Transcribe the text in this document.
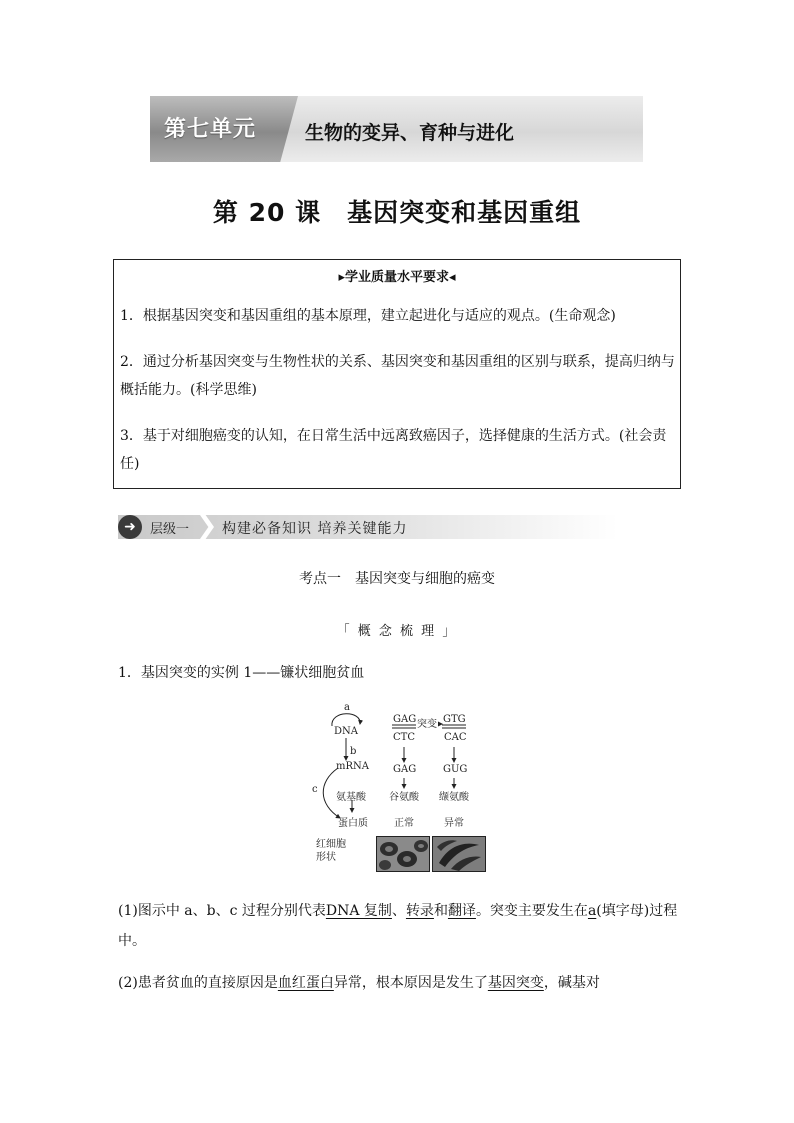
第七单元	生物的变异、育种与进化
第 20 课　基因突变和基因重组
▸学业质量水平要求◂
1．根据基因突变和基因重组的基本原理，建立起进化与适应的观点。(生命观念)
2．通过分析基因突变与生物性状的关系、基因突变和基因重组的区别与联系，提高归纳与概括能力。(科学思维)
3．基于对细胞癌变的认知，在日常生活中远离致癌因子，选择健康的生活方式。(社会责任)
➜	层级一 构建必备知识 培养关键能力
考点一　基因突变与细胞的癌变
「 概 念 梳 理 」
1．基因突变的实例 1——镰状细胞贫血
a
DNA
b
mRNA
c
氨基酸
蛋白质
红细胞
形状
GAG 突变 GTG
CTC	CAC
GAG	GUG
谷氨酸 缬氨酸
正常	异常
(1)图示中 a、b、c 过程分别代表DNA 复制、转录和翻译。突变主要发生在a(填字母)过程中。
(2)患者贫血的直接原因是血红蛋白异常，根本原因是发生了基因突变，碱基对
